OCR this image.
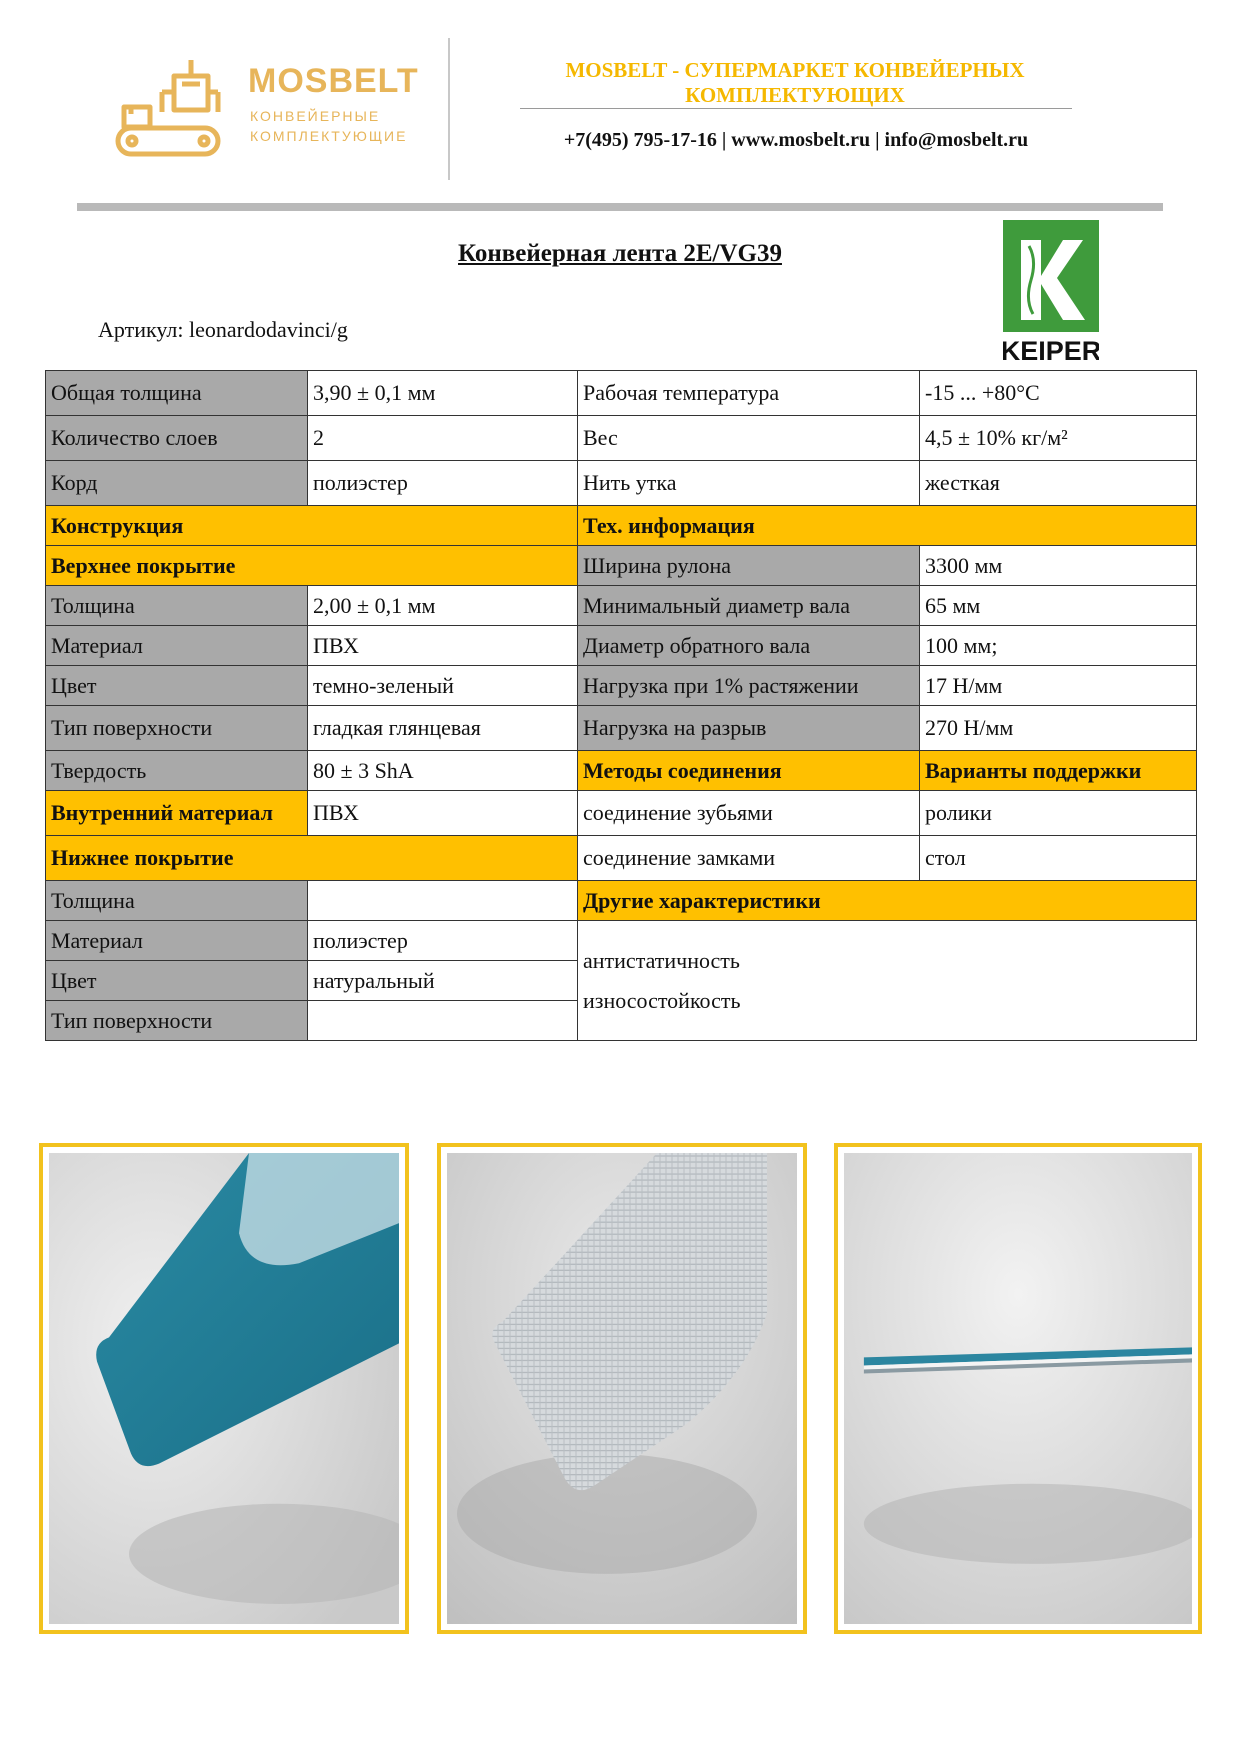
MOSBELT
КОНВЕЙЕРНЫЕ
КОМПЛЕКТУЮЩИЕ
MOSBELT - СУПЕРМАРКЕТ КОНВЕЙЕРНЫХ
КОМПЛЕКТУЮЩИХ
+7(495) 795-17-16 | www.mosbelt.ru | info@mosbelt.ru
Конвейерная лента 2E/VG39
Артикул: leonardodavinci/g
KEIPER
Общая толщина	3,90 ± 0,1 мм	Рабочая температура	-15 ... +80°C
Количество слоев	2	Вес	4,5 ± 10% кг/м²
Корд	полиэстер	Нить утка	жесткая
Конструкция		Тех. информация	
Верхнее покрытие		Ширина рулона	3300 мм
Толщина	2,00 ± 0,1 мм	Минимальный диаметр вала	65 мм
Материал	ПВХ	Диаметр обратного вала	100 мм;
Цвет	темно-зеленый	Нагрузка при 1% растяжении	17 Н/мм
Тип поверхности	гладкая глянцевая	Нагрузка на разрыв	270 Н/мм
Твердость	80 ± 3 ShA	Методы соединения	Варианты поддержки
Внутренний материал	ПВХ	соединение зубьями	ролики
Нижнее покрытие		соединение замками	стол
Толщина		Другие характеристики	
Материал	полиэстер	антистатичность
износостойкость	

Цвет	натуральный		
Тип поверхности			
